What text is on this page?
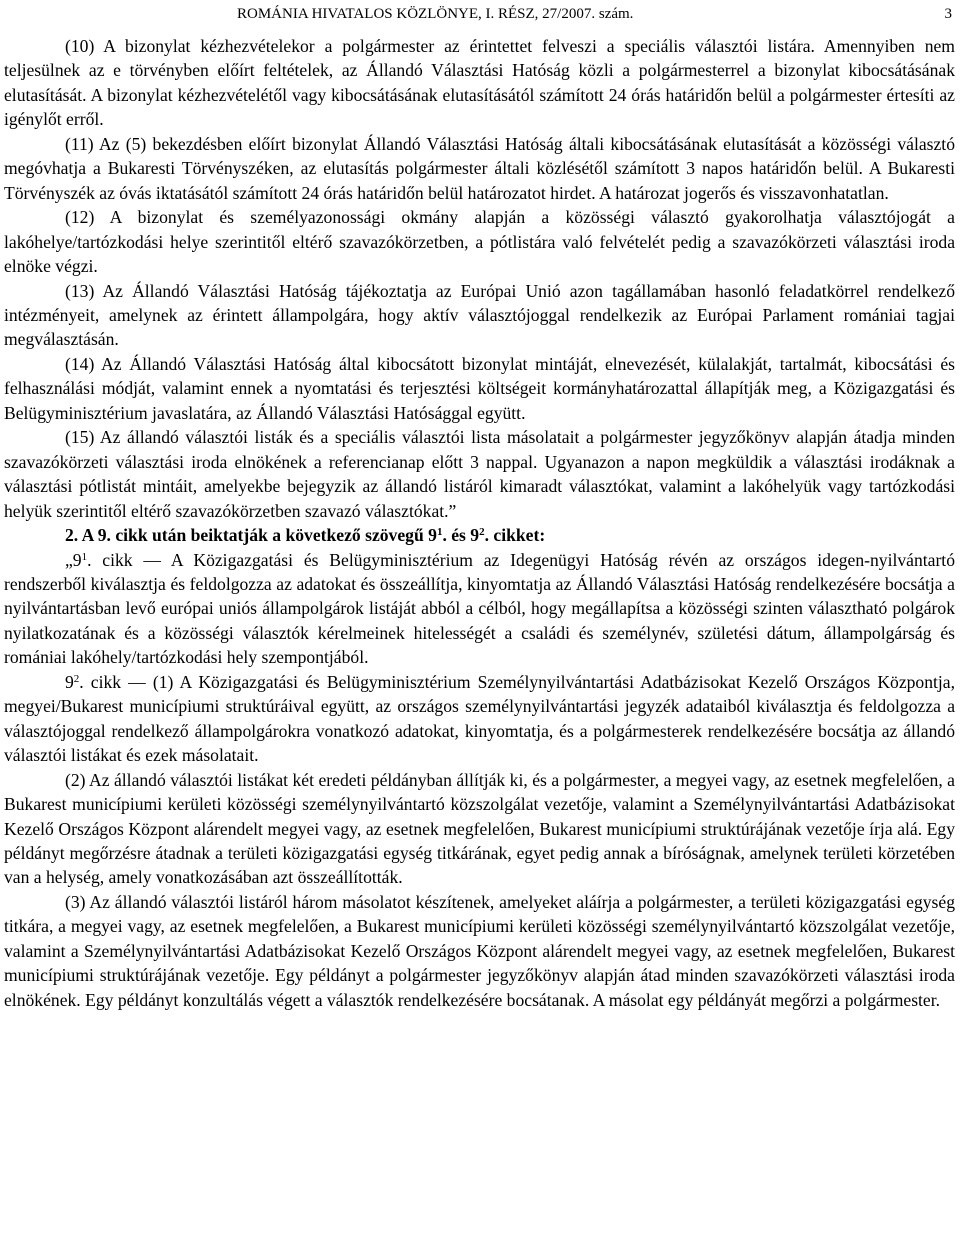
ROMÁNIA HIVATALOS KÖZLÖNYE, I. RÉSZ, 27/2007. szám.	3

(10) A bizonylat kézhezvételekor a polgármester az érintettet felveszi a speciális választói listára. Amennyiben nem teljesülnek az e törvényben előírt feltételek, az Állandó Választási Hatóság közli a polgármesterrel a bizonylat kibocsátásának elutasítását. A bizonylat kézhezvételétől vagy kibocsátásának elutasításától számított 24 órás határidőn belül a polgármester értesíti az igénylőt erről.

(11) Az (5) bekezdésben előírt bizonylat Állandó Választási Hatóság általi kibocsátásának elutasítását a közösségi választó megóvhatja a Bukaresti Törvényszéken, az elutasítás polgármester általi közlésétől számított 3 napos határidőn belül. A Bukaresti Törvényszék az óvás iktatásától számított 24 órás határidőn belül határozatot hirdet. A határozat jogerős és visszavonhatatlan.

(12) A bizonylat és személyazonossági okmány alapján a közösségi választó gyakorolhatja választójogát a lakóhelye/tartózkodási helye szerintitől eltérő szavazókörzetben, a pótlistára való felvételét pedig a szavazókörzeti választási iroda elnöke végzi.

(13) Az Állandó Választási Hatóság tájékoztatja az Európai Unió azon tagállamában hasonló feladatkörrel rendelkező intézményeit, amelynek az érintett állampolgára, hogy aktív választójoggal rendelkezik az Európai Parlament romániai tagjai megválasztásán.

(14) Az Állandó Választási Hatóság által kibocsátott bizonylat mintáját, elnevezését, külalakját, tartalmát, kibocsátási és felhasználási módját, valamint ennek a nyomtatási és terjesztési költségeit kormányhatározattal állapítják meg, a Közigazgatási és Belügyminisztérium javaslatára, az Állandó Választási Hatósággal együtt.

(15) Az állandó választói listák és a speciális választói lista másolatait a polgármester jegyzőkönyv alapján átadja minden szavazókörzeti választási iroda elnökének a referencianap előtt 3 nappal. Ugyanazon a napon megküldik a választási irodáknak a választási pótlistát mintáit, amelyekbe bejegyzik az állandó listáról kimaradt választókat, valamint a lakóhelyük vagy tartózkodási helyük szerintitől eltérő szavazókörzetben szavazó választókat.”

2. A 9. cikk után beiktatják a következő szövegű $9^1$. és $9^2$. cikket:

$„9^1$. cikk — A Közigazgatási és Belügyminisztérium az Idegenügyi Hatóság révén az országos idegen-nyilvántartó rendszerből kiválasztja és feldolgozza az adatokat és összeállítja, kinyomtatja az Állandó Választási Hatóság rendelkezésére bocsátja a nyilvántartásban levő európai uniós állampolgárok listáját abból a célból, hogy megállapítsa a közösségi szinten választható polgárok nyilatkozatának és a közösségi választók kérelmeinek hitelességét a családi és személynév, születési dátum, állampolgárság és romániai lakóhely/tartózkodási hely szempontjából.

$9^2$. cikk — (1) A Közigazgatási és Belügyminisztérium Személynyilvántartási Adatbázisokat Kezelő Országos Központja, megyei/Bukarest municípiumi struktúráival együtt, az országos személynyilvántartási jegyzék adataiból kiválasztja és feldolgozza a választójoggal rendelkező állampolgárokra vonatkozó adatokat, kinyomtatja, és a polgármesterek rendelkezésére bocsátja az állandó választói listákat és ezek másolatait.

(2) Az állandó választói listákat két eredeti példányban állítják ki, és a polgármester, a megyei vagy, az esetnek megfelelően, a Bukarest municípiumi kerületi közösségi személynyilvántartó közszolgálat vezetője, valamint a Személynyilvántartási Adatbázisokat Kezelő Országos Központ alárendelt megyei vagy, az esetnek megfelelően, Bukarest municípiumi struktúrájának vezetője írja alá. Egy példányt megőrzésre átadnak a területi közigazgatási egység titkárának, egyet pedig annak a bíróságnak, amelynek területi körzetében van a helység, amely vonatkozásában azt összeállították.

(3) Az állandó választói listáról három másolatot készítenek, amelyeket aláírja a polgármester, a területi közigazgatási egység titkára, a megyei vagy, az esetnek megfelelően, a Bukarest municípiumi kerületi közösségi személynyilvántartó közszolgálat vezetője, valamint a Személynyilvántartási Adatbázisokat Kezelő Országos Központ alárendelt megyei vagy, az esetnek megfelelően, Bukarest municípiumi struktúrájának vezetője. Egy példányt a polgármester jegyzőkönyv alapján átad minden szavazókörzeti választási iroda elnökének. Egy példányt konzultálás végett a választók rendelkezésére bocsátanak. A másolat egy példányát megőrzi a polgármester.
